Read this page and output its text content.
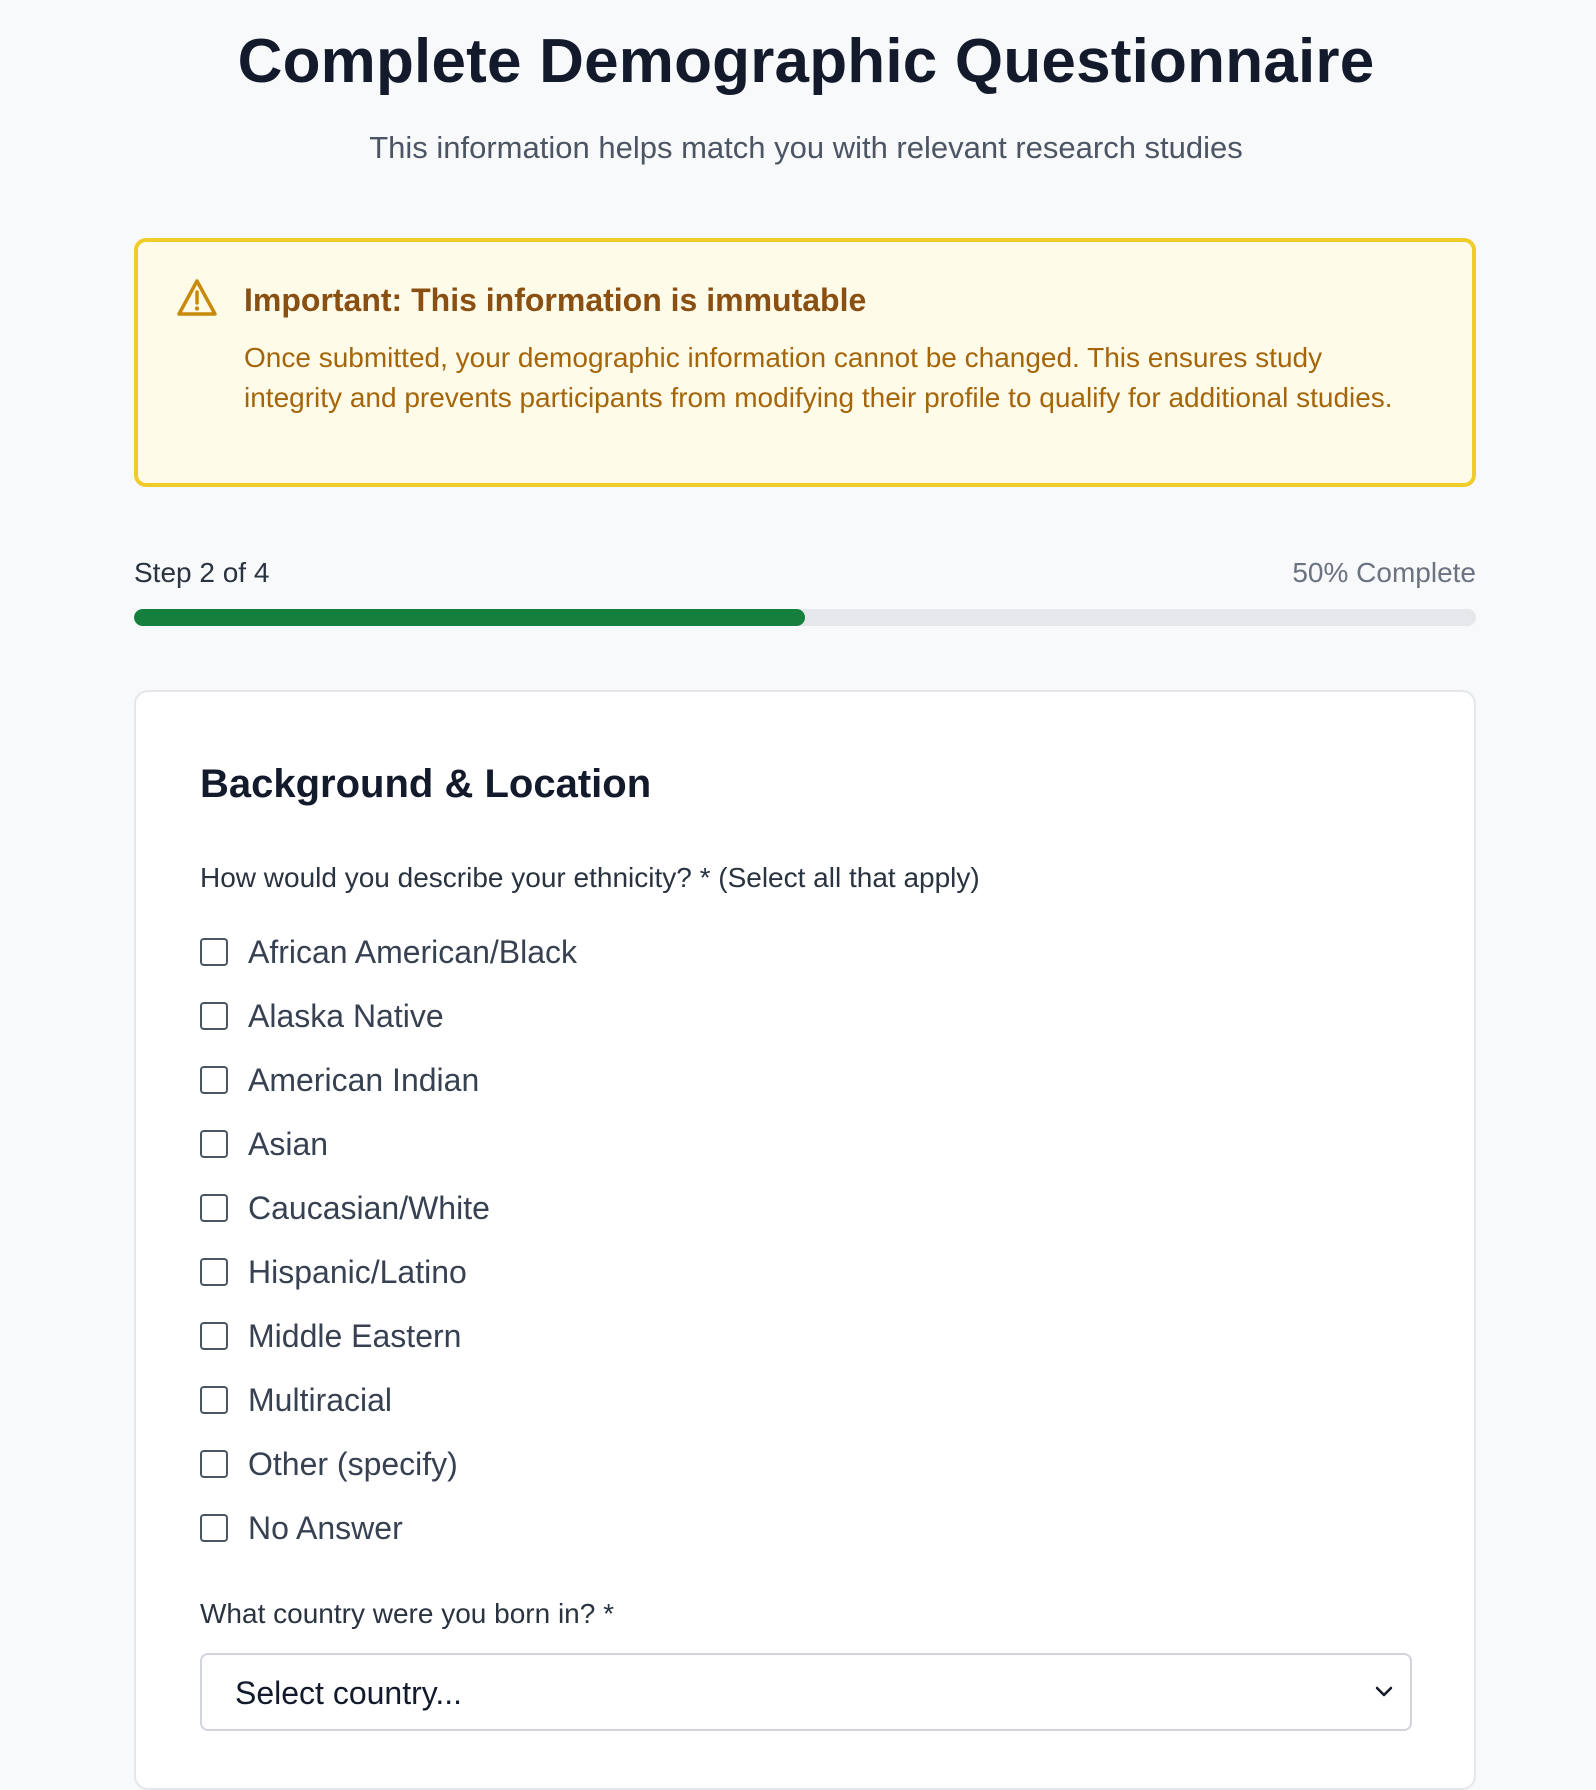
Complete Demographic Questionnaire

This information helps match you with relevant research studies

Important: This information is immutable
Once submitted, your demographic information cannot be changed. This ensures study integrity and prevents participants from modifying their profile to qualify for additional studies.
Step 2 of 4	50% Complete
Background & Location
How would you describe your ethnicity? * (Select all that apply)
African American/Black
Alaska Native
American Indian
Asian
Caucasian/White
Hispanic/Latino
Middle Eastern
Multiracial
Other (specify)
No Answer
What country were you born in? *
Select country...
